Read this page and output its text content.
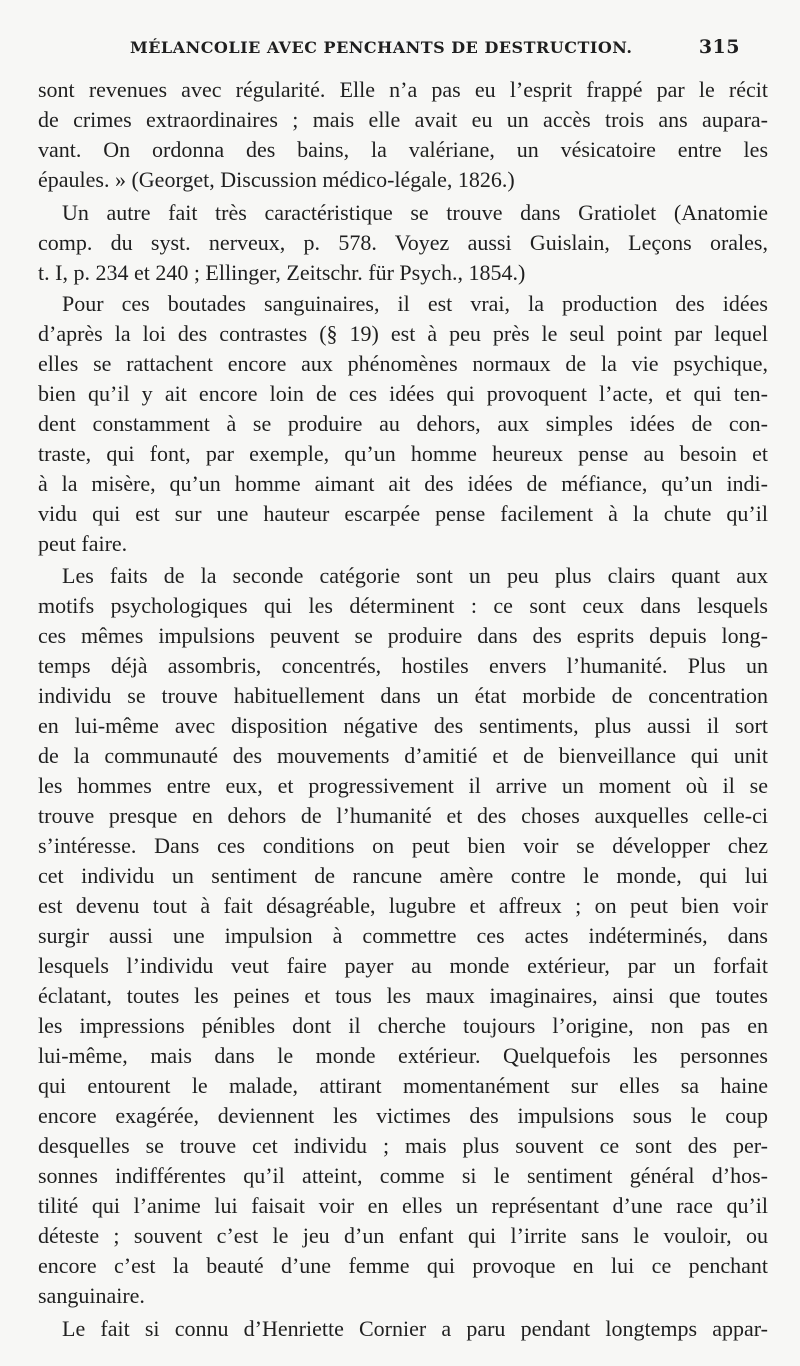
MÉLANCOLIE AVEC PENCHANTS DE DESTRUCTION.	315
sont revenues avec régularité. Elle n’a pas eu l’esprit frappé par le récit
de crimes extraordinaires ; mais elle avait eu un accès trois ans aupara-
vant. On ordonna des bains, la valériane, un vésicatoire entre les
épaules. » (Georget, Discussion médico-légale, 1826.)
Un autre fait très caractéristique se trouve dans Gratiolet (Anatomie
comp. du syst. nerveux, p. 578. Voyez aussi Guislain, Leçons orales,
t. I, p. 234 et 240 ; Ellinger, Zeitschr. für Psych., 1854.)
Pour ces boutades sanguinaires, il est vrai, la production des idées
d’après la loi des contrastes (§ 19) est à peu près le seul point par lequel
elles se rattachent encore aux phénomènes normaux de la vie psychique,
bien qu’il y ait encore loin de ces idées qui provoquent l’acte, et qui ten-
dent constamment à se produire au dehors, aux simples idées de con-
traste, qui font, par exemple, qu’un homme heureux pense au besoin et
à la misère, qu’un homme aimant ait des idées de méfiance, qu’un indi-
vidu qui est sur une hauteur escarpée pense facilement à la chute qu’il
peut faire.
Les faits de la seconde catégorie sont un peu plus clairs quant aux
motifs psychologiques qui les déterminent : ce sont ceux dans lesquels
ces mêmes impulsions peuvent se produire dans des esprits depuis long-
temps déjà assombris, concentrés, hostiles envers l’humanité. Plus un
individu se trouve habituellement dans un état morbide de concentration
en lui-même avec disposition négative des sentiments, plus aussi il sort
de la communauté des mouvements d’amitié et de bienveillance qui unit
les hommes entre eux, et progressivement il arrive un moment où il se
trouve presque en dehors de l’humanité et des choses auxquelles celle-ci
s’intéresse. Dans ces conditions on peut bien voir se développer chez
cet individu un sentiment de rancune amère contre le monde, qui lui
est devenu tout à fait désagréable, lugubre et affreux ; on peut bien voir
surgir aussi une impulsion à commettre ces actes indéterminés, dans
lesquels l’individu veut faire payer au monde extérieur, par un forfait
éclatant, toutes les peines et tous les maux imaginaires, ainsi que toutes
les impressions pénibles dont il cherche toujours l’origine, non pas en
lui-même, mais dans le monde extérieur. Quelquefois les personnes
qui entourent le malade, attirant momentanément sur elles sa haine
encore exagérée, deviennent les victimes des impulsions sous le coup
desquelles se trouve cet individu ; mais plus souvent ce sont des per-
sonnes indifférentes qu’il atteint, comme si le sentiment général d’hos-
tilité qui l’anime lui faisait voir en elles un représentant d’une race qu’il
déteste ; souvent c’est le jeu d’un enfant qui l’irrite sans le vouloir, ou
encore c’est la beauté d’une femme qui provoque en lui ce penchant
sanguinaire.
Le fait si connu d’Henriette Cornier a paru pendant longtemps appar-
